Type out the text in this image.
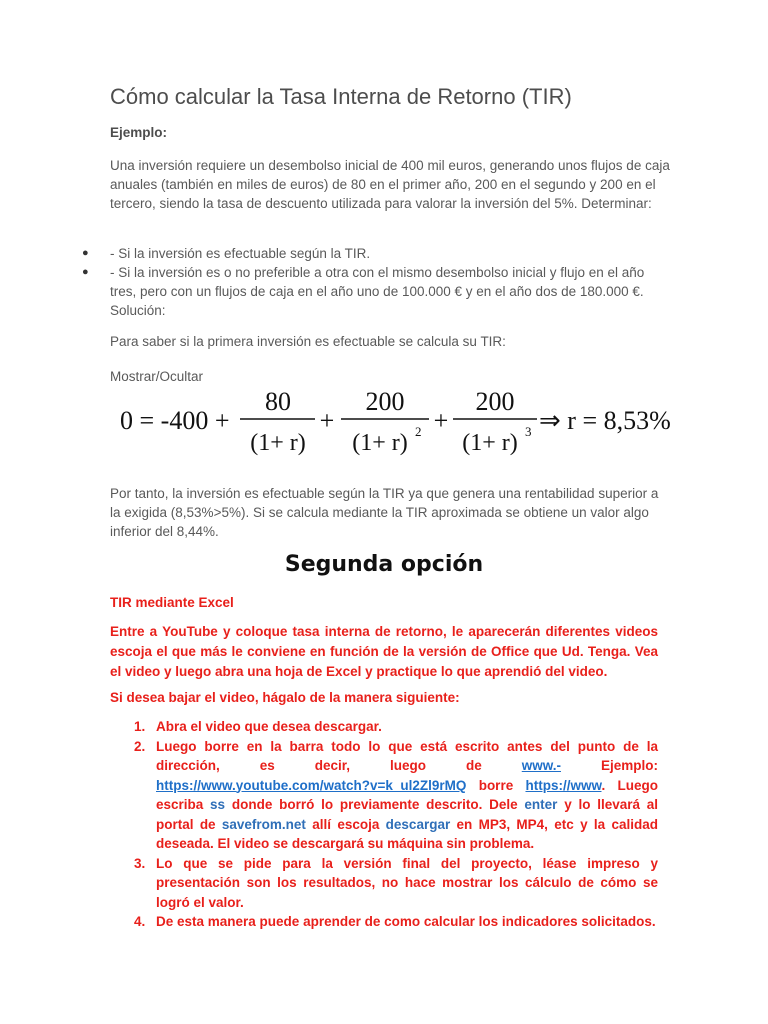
Cómo calcular la Tasa Interna de Retorno (TIR)
Ejemplo:
Una inversión requiere un desembolso inicial de 400 mil euros, generando unos flujos de caja anuales (también en miles de euros) de 80 en el primer año, 200 en el segundo y 200 en el tercero, siendo la tasa de descuento utilizada para valorar la inversión del 5%. Determinar:
●	- Si la inversión es efectuable según la TIR.
●	- Si la inversión es o no preferible a otra con el mismo desembolso inicial y flujo en el año tres, pero con un flujos de caja en el año uno de 100.000 € y en el año dos de 180.000 €. Solución:
Para saber si la primera inversión es efectuable se calcula su TIR:
Mostrar/Ocultar
0 = -400 +
80
(1+ r)
+
200
(1+ r) 2 +
200
(1+ r) 3 ⇒ r = 8,53%
Por tanto, la inversión es efectuable según la TIR ya que genera una rentabilidad superior a la exigida (8,53%>5%). Si se calcula mediante la TIR aproximada se obtiene un valor algo inferior del 8,44%.
Segunda opción
TIR mediante Excel
Entre a YouTube y coloque tasa interna de retorno, le aparecerán diferentes videos escoja el que más le conviene en función de la versión de Office que Ud. Tenga. Vea el video y luego abra una hoja de Excel y practique lo que aprendió del video.
Si desea bajar el video, hágalo de la manera siguiente:
1. Abra el video que desea descargar.
2. Luego borre en la barra todo lo que está escrito antes del punto de la dirección, es decir, luego de www.- Ejemplo: https://www.youtube.com/watch?v=k_ul2Zl9rMQ borre https://www. Luego escriba ss donde borró lo previamente descrito. Dele enter y lo llevará al portal de savefrom.net allí escoja descargar en MP3, MP4, etc y la calidad deseada. El video se descargará su máquina sin problema.
3. Lo que se pide para la versión final del proyecto, léase impreso y presentación son los resultados, no hace mostrar los cálculo de cómo se logró el valor.
4. De esta manera puede aprender de como calcular los indicadores solicitados.
